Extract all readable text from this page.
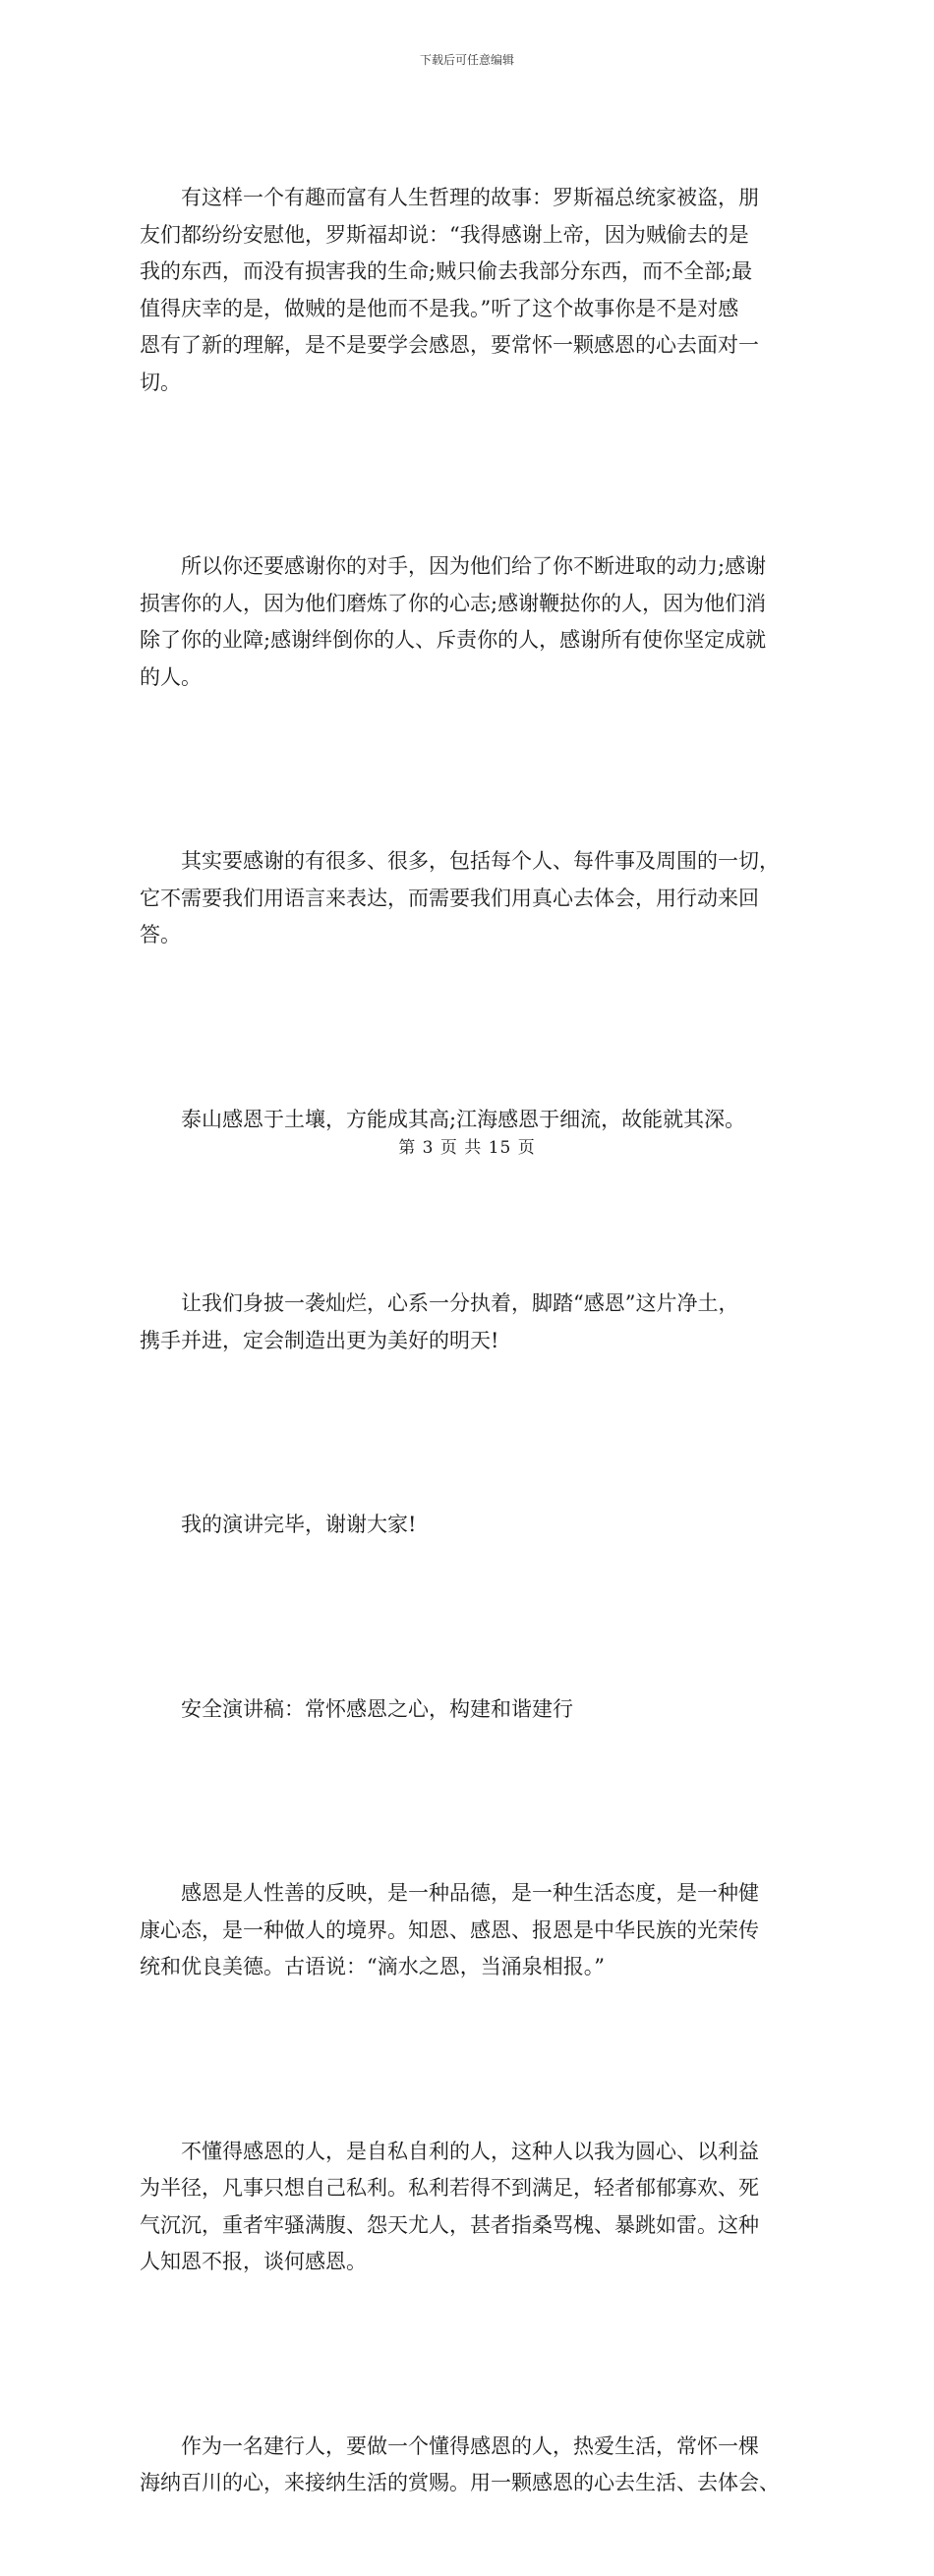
下载后可任意编辑

有这样一个有趣而富有人生哲理的故事：罗斯福总统家被盗，朋
友们都纷纷安慰他，罗斯福却说：“我得感谢上帝，因为贼偷去的是
我的东西，而没有损害我的生命;贼只偷去我部分东西，而不全部;最
值得庆幸的是，做贼的是他而不是我。”听了这个故事你是不是对感
恩有了新的理解，是不是要学会感恩，要常怀一颗感恩的心去面对一
切。

所以你还要感谢你的对手，因为他们给了你不断进取的动力;感谢
损害你的人，因为他们磨炼了你的心志;感谢鞭挞你的人，因为他们消
除了你的业障;感谢绊倒你的人、斥责你的人，感谢所有使你坚定成就
的人。

其实要感谢的有很多、很多，包括每个人、每件事及周围的一切，
它不需要我们用语言来表达，而需要我们用真心去体会，用行动来回
答。

泰山感恩于土壤，方能成其高;江海感恩于细流，故能就其深。

让我们身披一袭灿烂，心系一分执着，脚踏“感恩”这片净土，
携手并进，定会制造出更为美好的明天!

我的演讲完毕，谢谢大家!

安全演讲稿：常怀感恩之心，构建和谐建行

感恩是人性善的反映，是一种品德，是一种生活态度，是一种健
康心态，是一种做人的境界。知恩、感恩、报恩是中华民族的光荣传
统和优良美德。古语说：“滴水之恩，当涌泉相报。”

不懂得感恩的人，是自私自利的人，这种人以我为圆心、以利益
为半径，凡事只想自己私利。私利若得不到满足，轻者郁郁寡欢、死
气沉沉，重者牢骚满腹、怨天尤人，甚者指桑骂槐、暴跳如雷。这种
人知恩不报，谈何感恩。

作为一名建行人，要做一个懂得感恩的人，热爱生活，常怀一棵
海纳百川的心，来接纳生活的赏赐。用一颗感恩的心去生活、去体会、

第 3 页 共 15 页
